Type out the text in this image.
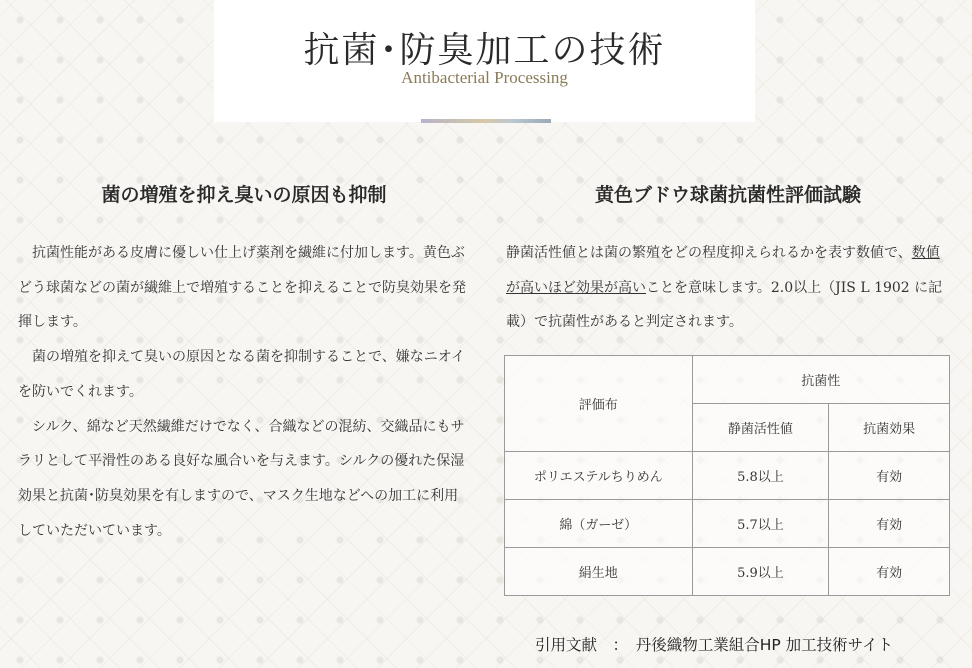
抗菌･防臭加工の技術
Antibacterial Processing
菌の増殖を抑え臭いの原因も抑制

抗菌性能がある皮膚に優しい仕上げ薬剤を繊維に付加します。黄色ぶどう球菌などの菌が繊維上で増殖することを抑えることで防臭効果を発揮します。

菌の増殖を抑えて臭いの原因となる菌を抑制することで、嫌なニオイを防いでくれます。

シルク、綿など天然繊維だけでなく、合織などの混紡、交織品にもサラリとして平滑性のある良好な風合いを与えます。シルクの優れた保湿効果と抗菌･防臭効果を有しますので、マスク生地などへの加工に利用していただいています。

黄色ブドウ球菌抗菌性評価試験
静菌活性値とは菌の繁殖をどの程度抑えられるかを表す数値で、数値が高いほど効果が高いことを意味します。2.0以上（JIS L 1902 に記載）で抗菌性があると判定されます。
評価布	抗菌性	
	静菌活性値	抗菌効果
ポリエステルちりめん	5.8以上	有効
綿（ガーゼ）	5.7以上	有効
絹生地	5.9以上	有効
引用文献　：　丹後織物工業組合HP 加工技術サイト
